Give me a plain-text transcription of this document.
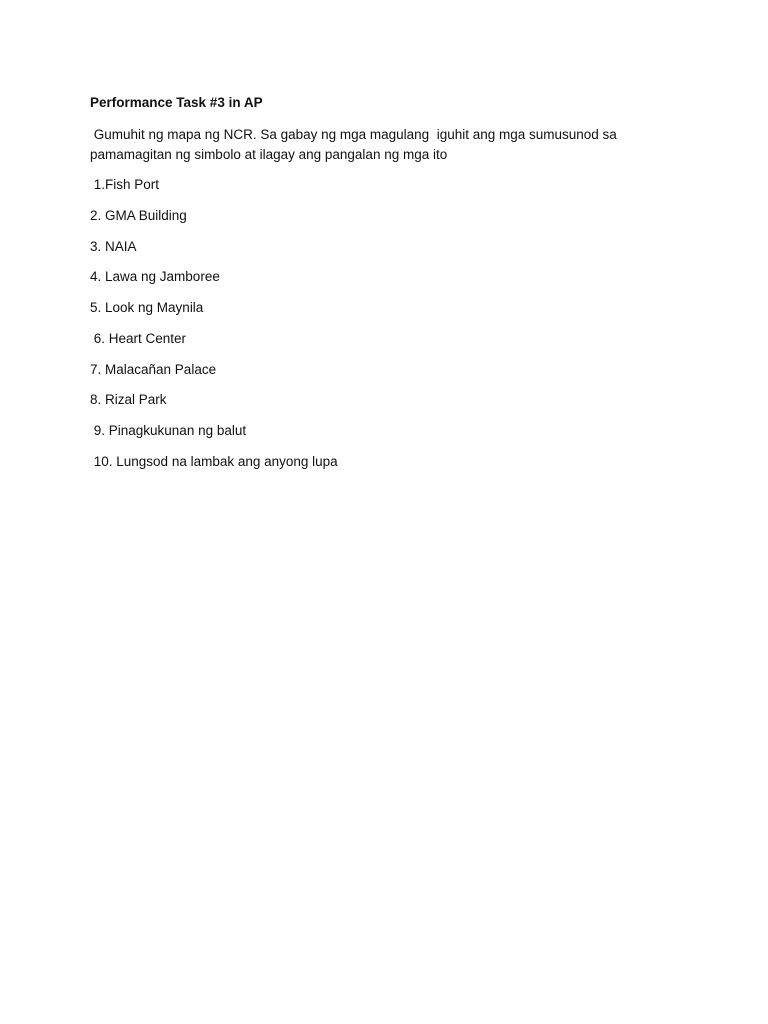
Performance Task #3 in AP
Gumuhit ng mapa ng NCR. Sa gabay ng mga magulang  iguhit ang mga sumusunod sa
pamamagitan ng simbolo at ilagay ang pangalan ng mga ito
1.Fish Port
2. GMA Building
3. NAIA
4. Lawa ng Jamboree
5. Look ng Maynila
6. Heart Center
7. Malacañan Palace
8. Rizal Park
9. Pinagkukunan ng balut
10. Lungsod na lambak ang anyong lupa
